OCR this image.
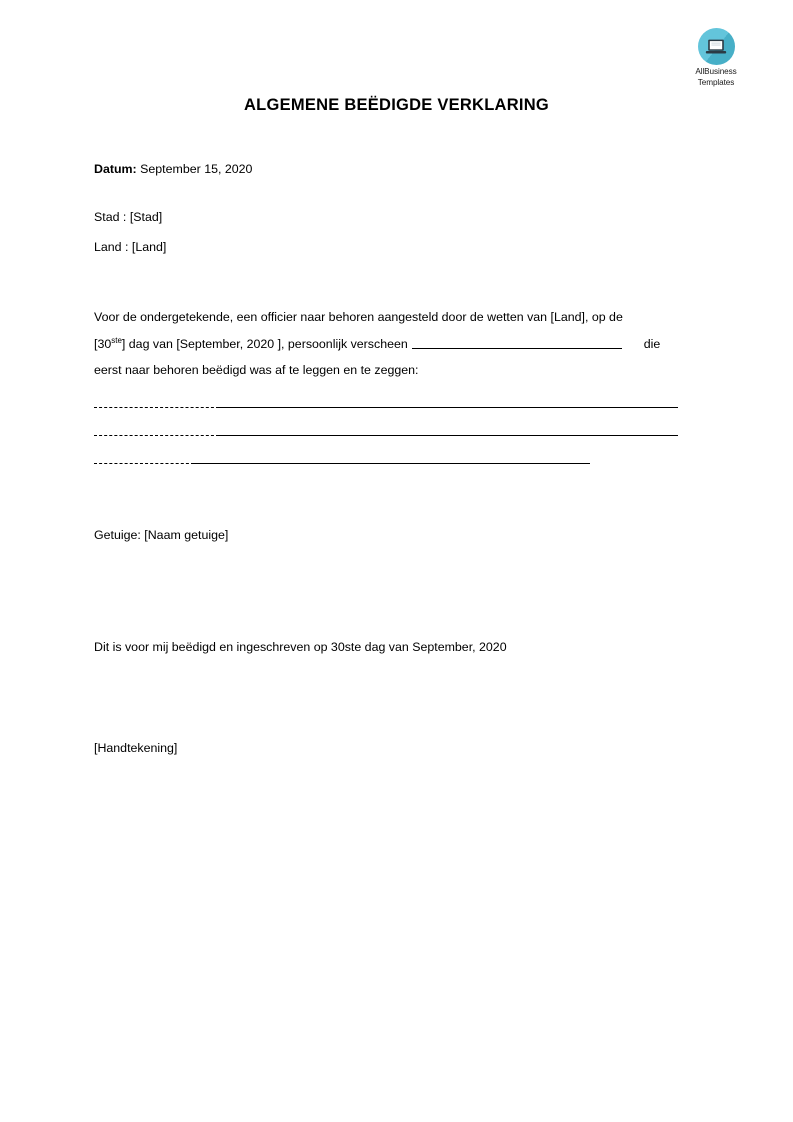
AllBusiness
Templates
ALGEMENE BEËDIGDE VERKLARING
Datum: September 15, 2020
Stad : [Stad]
Land : [Land]
Voor de ondergetekende, een officier naar behoren aangesteld door de wetten van [Land], op de
[30ste] dag van [September, 2020 ], persoonlijk verscheen	die
eerst naar behoren beëdigd was af te leggen en te zeggen:
Getuige: [Naam getuige]
Dit is voor mij beëdigd en ingeschreven op 30ste dag van September, 2020
[Handtekening]
